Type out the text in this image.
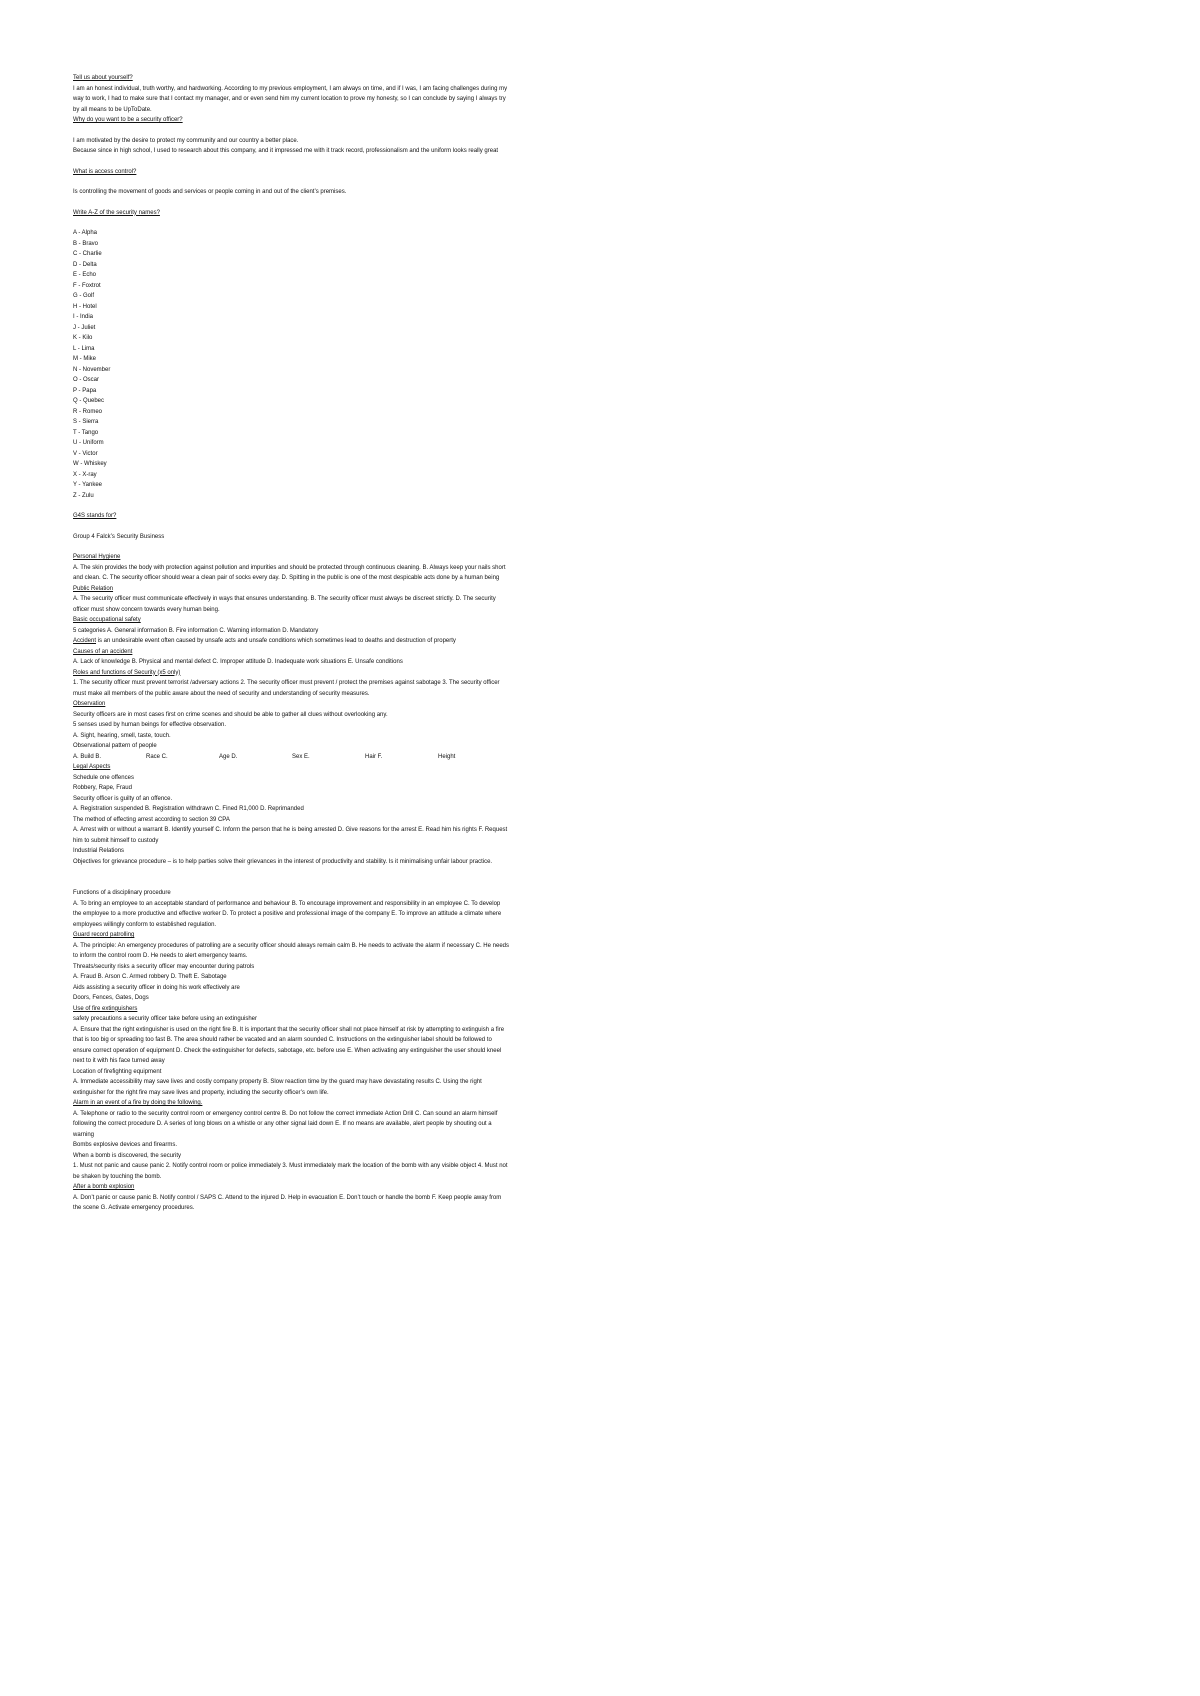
Tell us about yourself?

I am an honest individual, truth worthy, and hardworking. According to my previous employment, I am always on time, and if I was, I am facing challenges during my way to work, I had to make sure that I contact my manager, and or even send him my current location to prove my honesty, so I can conclude by saying I always try by all means to be UpToDate.

Why do you want to be a security officer?

I am motivated by the desire to protect my community and our country a better place.

Because since in high school, I used to research about this company, and it impressed me with it track record, professionalism and the uniform looks really great

What is access control?

Is controlling the movement of goods and services or people coming in and out of the client’s premises.

Write A-Z of the security names?

A - Alpha

B - Bravo

C - Charlie

D - Delta

E - Echo

F - Foxtrot

G - Golf

H - Hotel

I - India

J - Juliet

K - Kilo

L - Lima

M - Mike

N - November

O - Oscar

P - Papa

Q - Quebec

R - Romeo

S - Sierra

T - Tango

U - Uniform

V - Victor

W - Whiskey

X - X-ray

Y - Yankee

Z - Zulu

G4S stands for?

Group 4 Falck’s Security Business

Personal Hygiene

A. The skin provides the body with protection against pollution and impurities and should be protected through continuous cleaning. B. Always keep your nails short and clean. C. The security officer should wear a clean pair of socks every day. D. Spitting in the public is one of the most despicable acts done by a human being

Public Relation

A. The security officer must communicate effectively in ways that ensures understanding. B. The security officer must always be discreet strictly. D. The security officer must show concern towards every human being.

Basic occupational safety

5 categories A. General information B. Fire information C. Warning information D. Mandatory

Accident is an undesirable event often caused by unsafe acts and unsafe conditions which sometimes lead to deaths and destruction of property

Causes of an accident

A. Lack of knowledge B. Physical and mental defect C. Improper attitude D. Inadequate work situations E. Unsafe conditions

Roles and functions of Security (x5 only)

1. The security officer must prevent terrorist /adversary actions 2. The security officer must prevent / protect the premises against sabotage 3. The security officer must make all members of the public aware about the need of security and understanding of security measures.

Observation

Security officers are in most cases first on crime scenes and should be able to gather all clues without overlooking any.

5 senses used by human beings for effective observation.

A. Sight, hearing, smell, taste, touch.

Observational pattern of people

A. Build B.	Race C.	Age D.	Sex E.	Hair F.	Height

Legal Aspects

Schedule one offences

Robbery, Rape, Fraud

Security officer is guilty of an offence.

A. Registration suspended B. Registration withdrawn C. Fined R1,000 D. Reprimanded

The method of effecting arrest according to section 39 CPA

A. Arrest with or without a warrant B. Identify yourself C. Inform the person that he is being arrested D. Give reasons for the arrest E. Read him his rights F. Request him to submit himself to custody

Industrial Relations

Objectives for grievance procedure – is to help parties solve their grievances in the interest of productivity and stability. Is it minimalising unfair labour practice.

Functions of a disciplinary procedure

A. To bring an employee to an acceptable standard of performance and behaviour B. To encourage improvement and responsibility in an employee C. To develop the employee to a more productive and effective worker D. To protect a positive and professional image of the company E. To improve an attitude a climate where employees willingly conform to established regulation.

Guard record patrolling

A. The principle: An emergency procedures of patrolling are a security officer should always remain calm B. He needs to activate the alarm if necessary C. He needs to inform the control room D. He needs to alert emergency teams.

Threats/security risks a security officer may encounter during patrols

A. Fraud B. Arson C. Armed robbery D. Theft E. Sabotage

Aids assisting a security officer in doing his work effectively are

Doors, Fences, Gates, Dogs

Use of fire extinguishers

safety precautions a security officer take before using an extinguisher

A. Ensure that the right extinguisher is used on the right fire B. It is important that the security officer shall not place himself at risk by attempting to extinguish a fire that is too big or spreading too fast B. The area should rather be vacated and an alarm sounded C. Instructions on the extinguisher label should be followed to ensure correct operation of equipment D. Check the extinguisher for defects, sabotage, etc. before use E. When activating any extinguisher the user should kneel next to it with his face turned away

Location of firefighting equipment

A. Immediate accessibility may save lives and costly company property B. Slow reaction time by the guard may have devastating results C. Using the right extinguisher for the right fire may save lives and property, including the security officer’s own life.

Alarm in an event of a fire by doing the following.

A. Telephone or radio to the security control room or emergency control centre B. Do not follow the correct immediate Action Drill C. Can sound an alarm himself following the correct procedure D. A series of long blows on a whistle or any other signal laid down E. If no means are available, alert people by shouting out a warning

Bombs explosive devices and firearms.

When a bomb is discovered, the security

1. Must not panic and cause panic 2. Notify control room or police immediately 3. Must immediately mark the location of the bomb with any visible object 4. Must not be shaken by touching the bomb.

After a bomb explosion

A. Don’t panic or cause panic B. Notify control / SAPS C. Attend to the injured D. Help in evacuation E. Don’t touch or handle the bomb F. Keep people away from the scene G. Activate emergency procedures.
